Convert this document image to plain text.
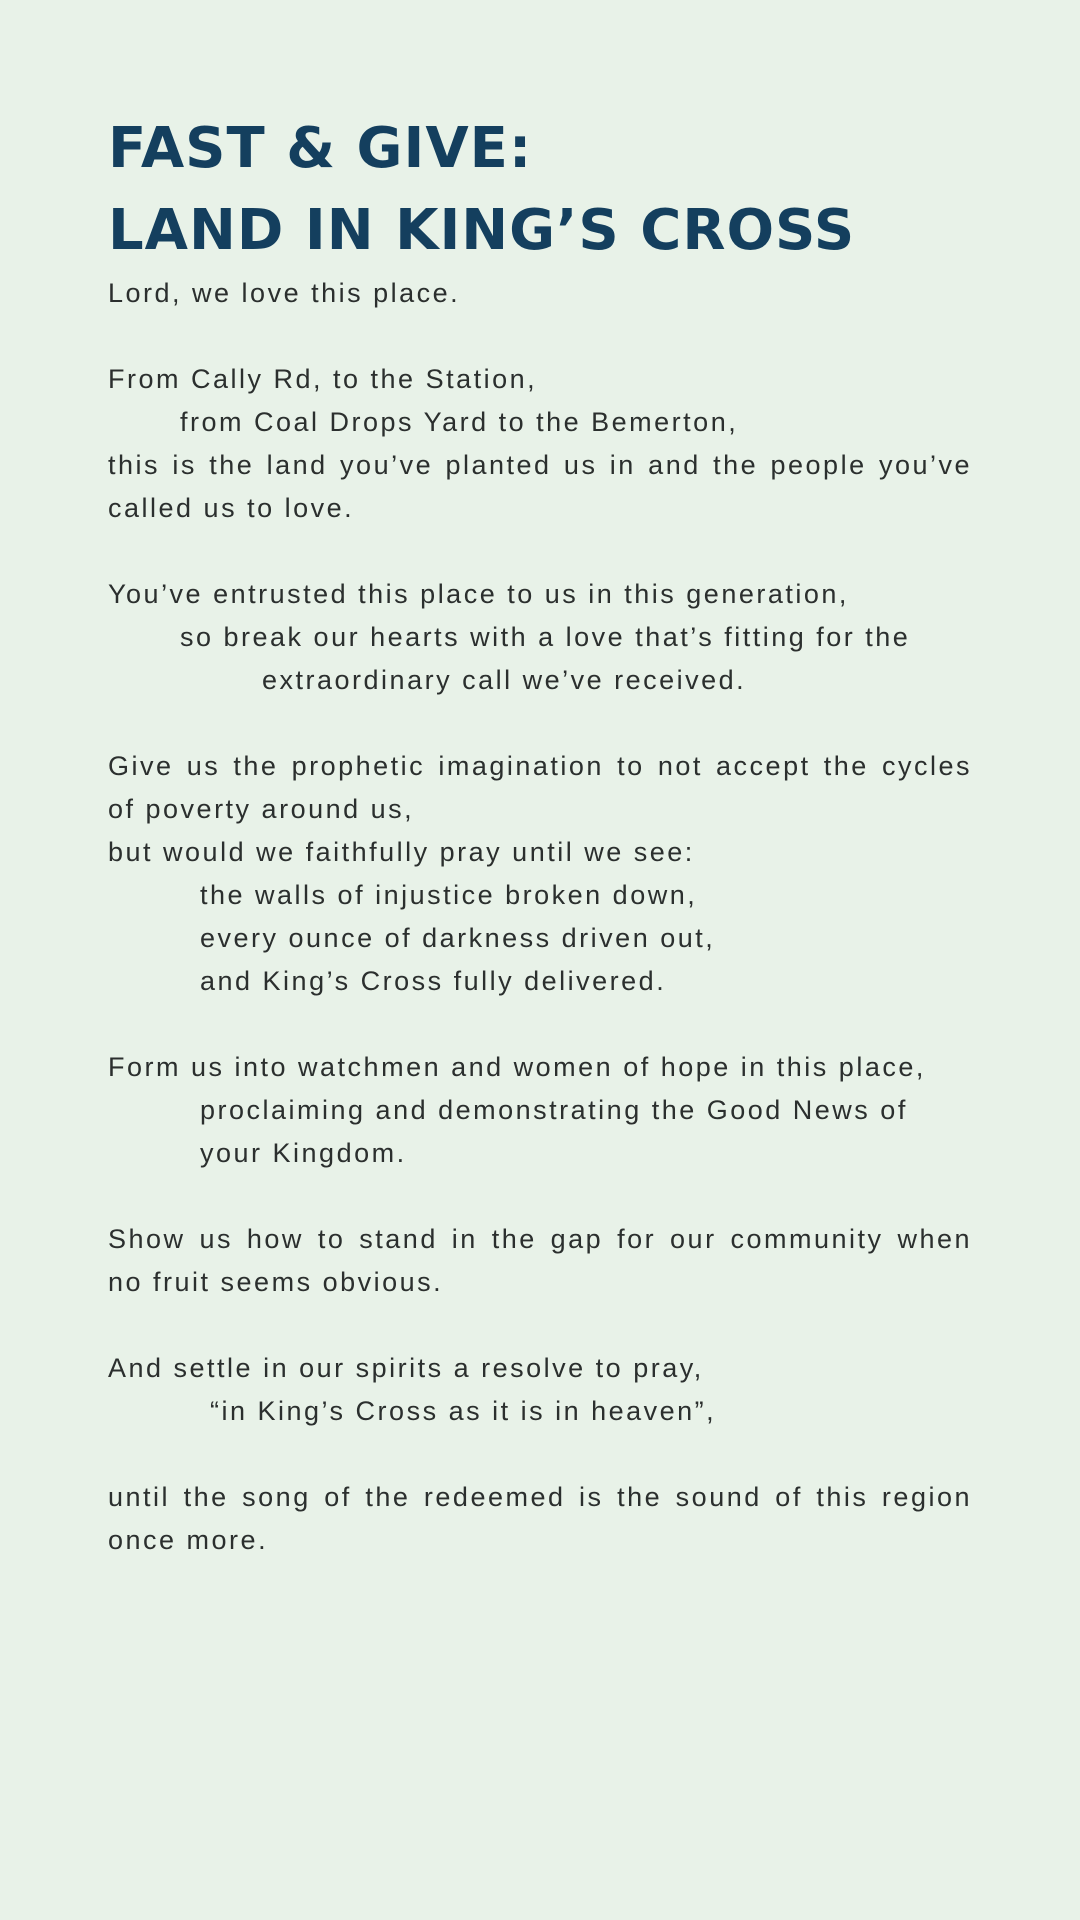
FAST & GIVE:
LAND IN KING’S CROSS
Lord, we love this place.
From Cally Rd, to the Station,
from Coal Drops Yard to the Bemerton,
this is the land you’ve planted us in and the people you’ve called us to love.
You’ve entrusted this place to us in this generation,
so break our hearts with a love that’s fitting for the
extraordinary call we’ve received.
Give us the prophetic imagination to not accept the cycles of poverty around us,
but would we faithfully pray until we see:
the walls of injustice broken down,
every ounce of darkness driven out,
and King’s Cross fully delivered.
Form us into watchmen and women of hope in this place,
proclaiming and demonstrating the Good News of
your Kingdom.
Show us how to stand in the gap for our community when no fruit seems obvious.
And settle in our spirits a resolve to pray,
“in King’s Cross as it is in heaven”,
until the song of the redeemed is the sound of this region once more.
